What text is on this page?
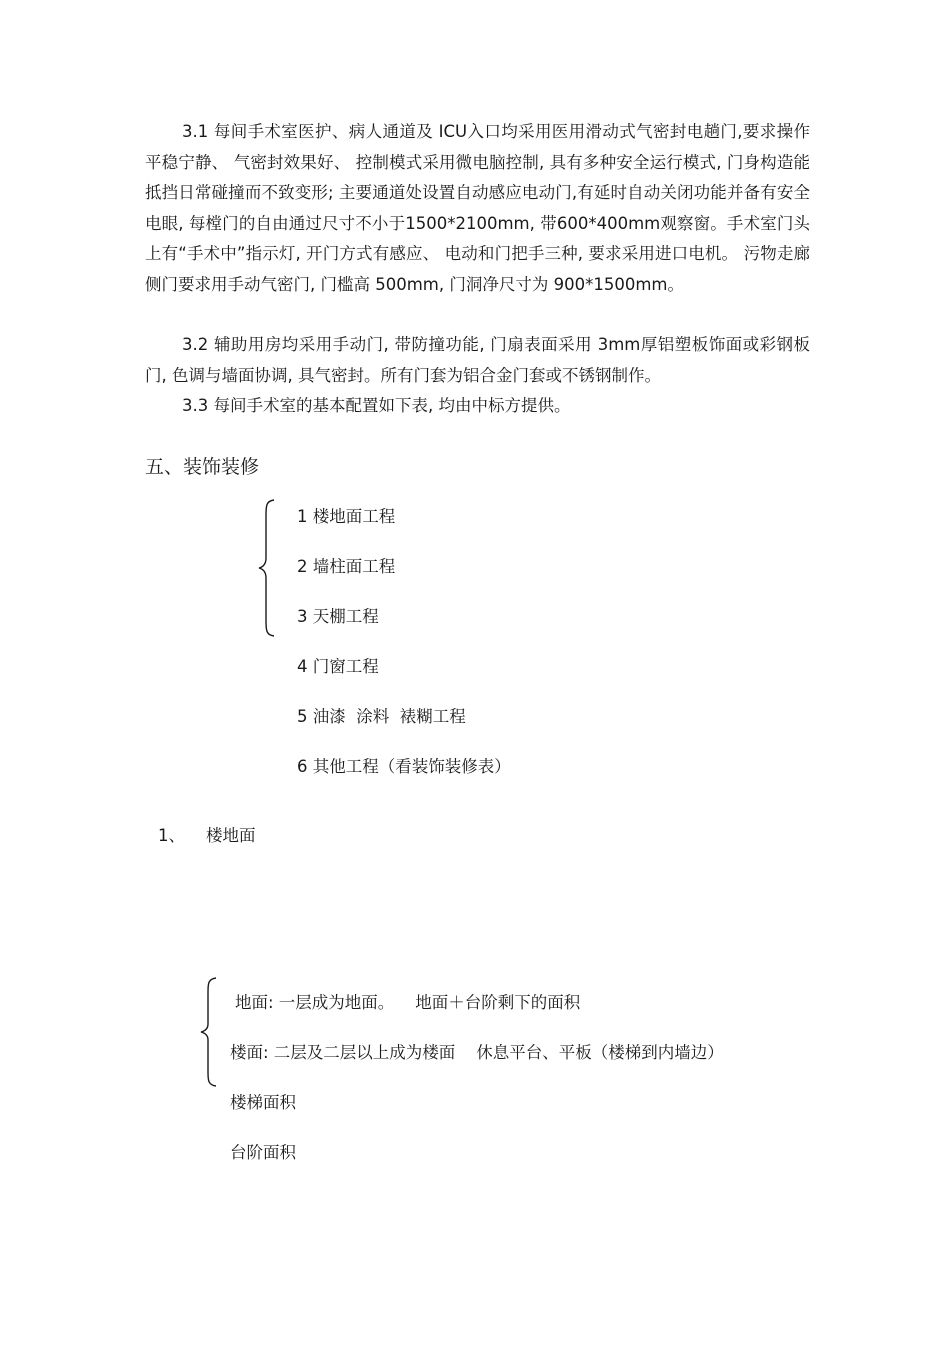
3.1 每间手术室医护、病人通道及 ICU入口均采用医用滑动式气密封电趟门,要求操作平稳宁静、 气密封效果好、 控制模式采用微电脑控制, 具有多种安全运行模式, 门身构造能抵挡日常碰撞而不致变形; 主要通道处设置自动感应电动门,有延时自动关闭功能并备有安全电眼, 每樘门的自由通过尺寸不小于1500*2100mm, 带600*400mm观察窗。手术室门头上有“手术中”指示灯, 开门方式有感应、 电动和门把手三种, 要求采用进口电机。 污物走廊侧门要求用手动气密门, 门槛高 500mm, 门洞净尺寸为 900*1500mm。

3.2 辅助用房均采用手动门, 带防撞功能, 门扇表面采用 3mm厚铝塑板饰面或彩钢板门, 色调与墙面协调, 具气密封。所有门套为铝合金门套或不锈钢制作。

3.3 每间手术室的基本配置如下表, 均由中标方提供。

五、装饰装修
1 楼地面工程
2 墙柱面工程
3 天棚工程
4 门窗工程
5 油漆  涂料  裱糊工程
6 其他工程（看装饰装修表）

1、    楼地面

地面: 一层成为地面。    地面＋台阶剩下的面积
楼面: 二层及二层以上成为楼面    休息平台、平板（楼梯到内墙边）
楼梯面积
台阶面积
